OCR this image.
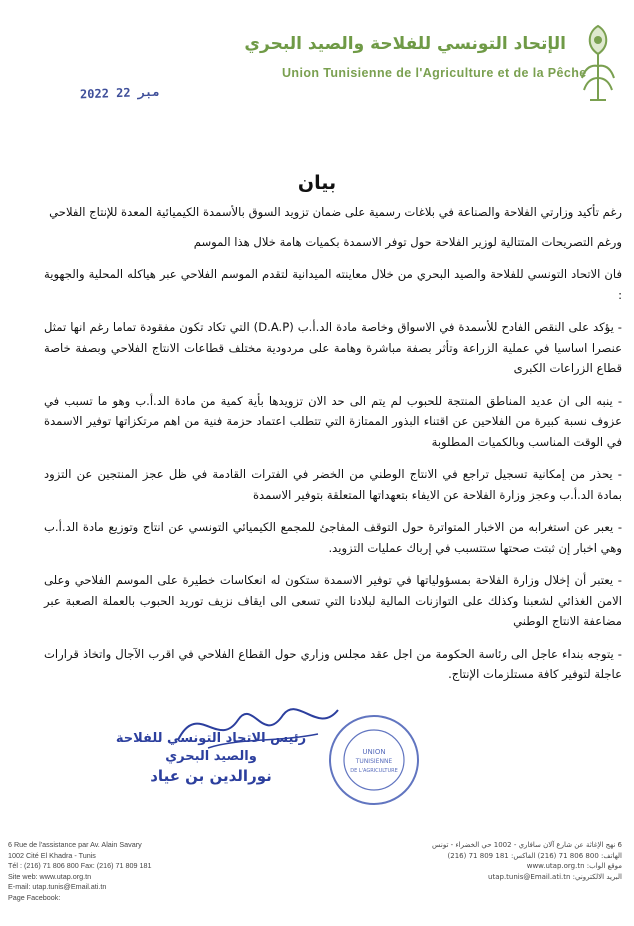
الإتحاد التونسي للفلاحة والصيد البحري
Union Tunisienne de l'Agriculture et de la Pêche
2022 مبر 22
بيان

رغم تأكيد وزارتي الفلاحة والصناعة في بلاغات رسمية على ضمان تزويد السوق بالأسمدة الكيميائية المعدة للإنتاج الفلاحي

ورغم التصريحات المتتالية لوزير الفلاحة حول توفر الاسمدة بكميات هامة خلال هذا الموسم

فان الاتحاد التونسي للفلاحة والصيد البحري من خلال معاينته الميدانية لتقدم الموسم الفلاحي عبر هياكله المحلية والجهوية :

- يؤكد على النقص الفادح للأسمدة في الاسواق وخاصة مادة الد.أ.ب (D.A.P) التي تكاد تكون مفقودة تماما رغم انها تمثل عنصرا اساسيا في عملية الزراعة وتأثر بصفة مباشرة وهامة على مردودية مختلف قطاعات الانتاج الفلاحي وبصفة خاصة قطاع الزراعات الكبرى

- ينبه الى ان عديد المناطق المنتجة للحبوب لم يتم الى حد الان تزويدها بأية كمية من مادة الد.أ.ب وهو ما تسبب في عزوف نسبة كبيرة من الفلاحين عن اقتناء البذور الممتازة التي تتطلب اعتماد حزمة فنية من اهم مرتكزاتها توفير الاسمدة في الوقت المناسب وبالكميات المطلوبة

- يحذر من إمكانية تسجيل تراجع في الانتاج الوطني من الخضر في الفترات القادمة في ظل عجز المنتجين عن التزود بمادة الد.أ.ب وعجز وزارة الفلاحة عن الايفاء بتعهداتها المتعلقة بتوفير الاسمدة

- يعبر عن استغرابه من الاخبار المتواترة حول التوقف المفاجئ للمجمع الكيميائي التونسي عن انتاج وتوزيع مادة الد.أ.ب وهي اخبار إن ثبتت صحتها ستتسبب في إرباك عمليات التزويد.

- يعتبر أن إخلال وزارة الفلاحة بمسؤولياتها في توفير الاسمدة ستكون له انعكاسات خطيرة على الموسم الفلاحي وعلى الامن الغذائي لشعبنا وكذلك على التوازنات المالية لبلادنا التي تسعى الى ايقاف نزيف توريد الحبوب بالعملة الصعبة عبر مضاعفة الانتاج الوطني

- يتوجه بنداء عاجل الى رئاسة الحكومة من اجل عقد مجلس وزاري حول القطاع الفلاحي في اقرب الآجال واتخاذ قرارات عاجلة لتوفير كافة مستلزمات الإنتاج.

رئيس الاتحاد التونسي للفلاحة
والصيد البحري
نورالدين بن عياد
UNION
TUNISIENNE
DE L'AGRICULTURE
6 Rue de l'assistance par Av. Alain Savary
1002 Cité El Khadra - Tunis
Tél : (216) 71 806 800 Fax: (216) 71 809 181
Site web: www.utap.org.tn
E-mail: utap.tunis@Email.ati.tn
Page Facebook:
6 نهج الإغاثة عن شارع آلان سافاري - 1002 حي الخضراء - تونس
الهاتف: 800 806 71 (216) الفاكس: 181 809 71 (216)
موقع الواب: www.utap.org.tn
البريد الالكتروني: utap.tunis@Email.ati.tn
